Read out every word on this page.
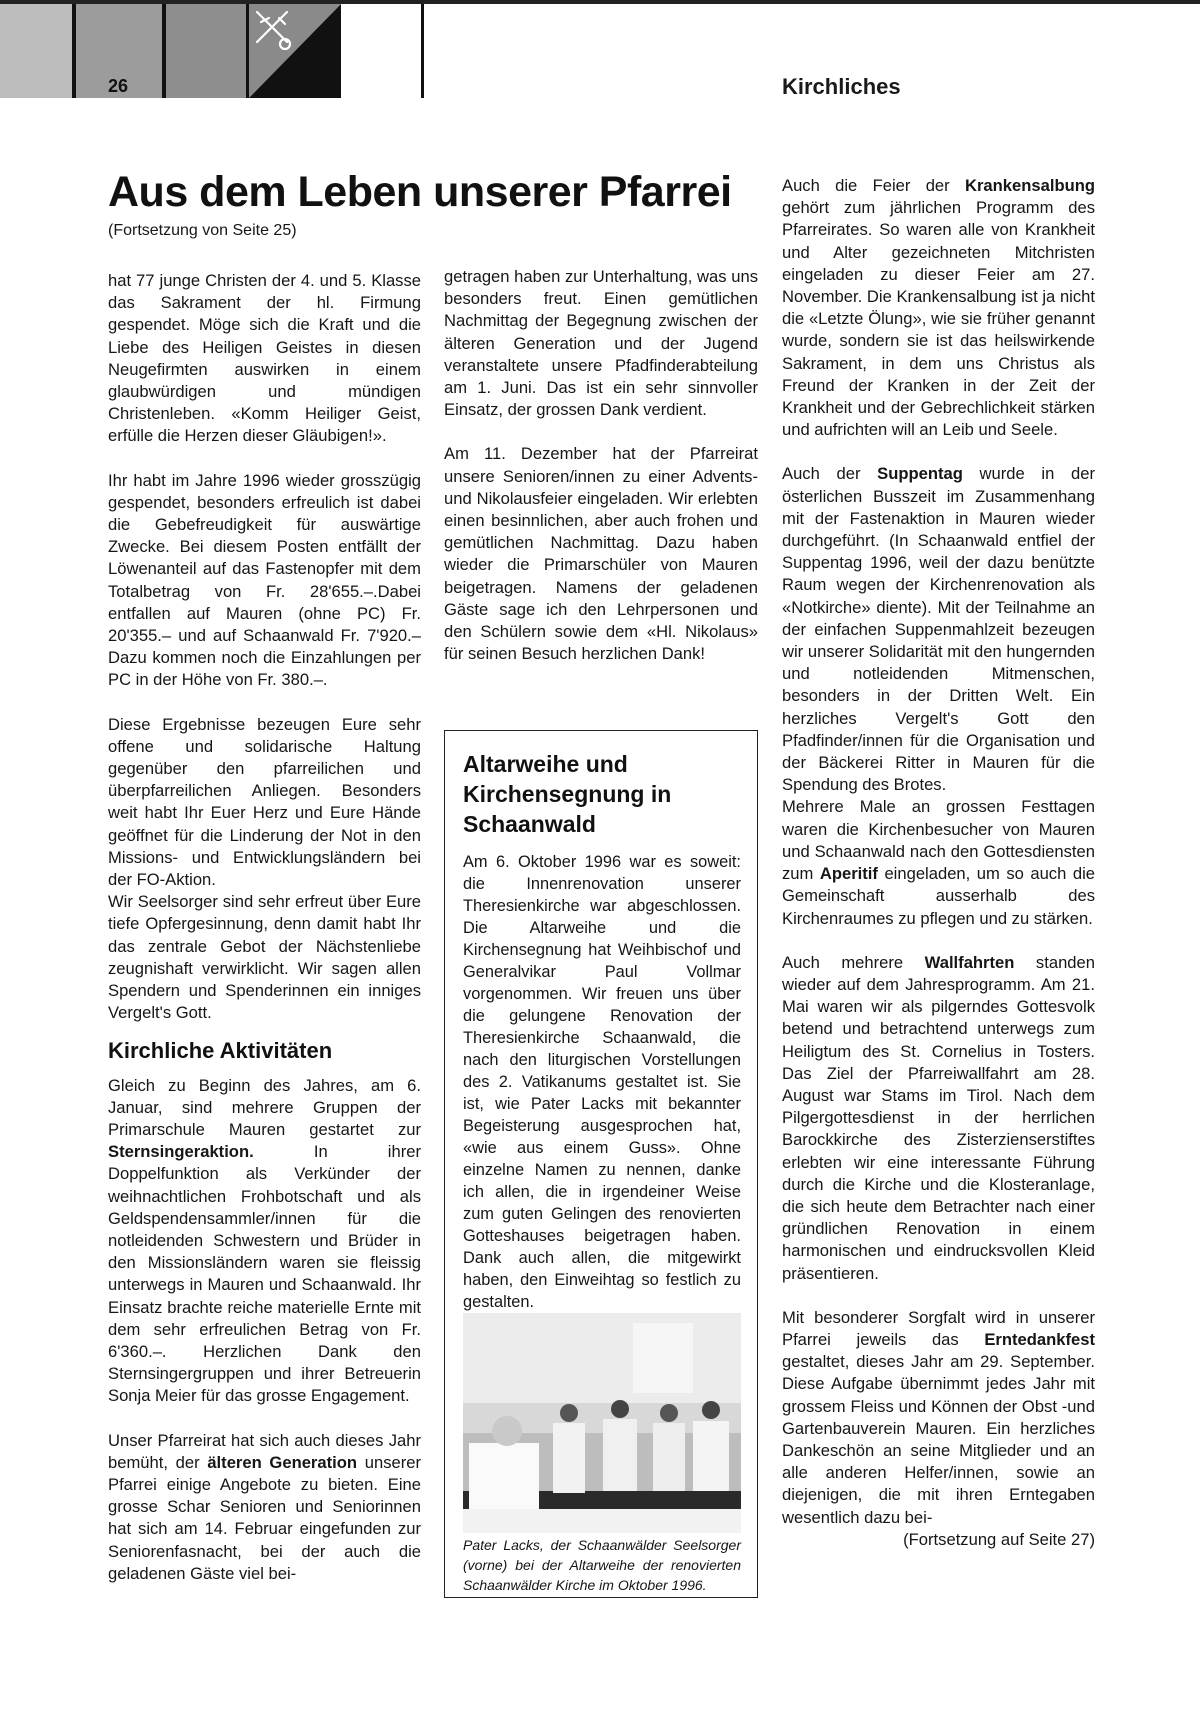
26	Kirchliches
Aus dem Leben unserer Pfarrei
(Fortsetzung von Seite 25)

hat 77 junge Christen der 4. und 5. Klasse das Sakrament der hl. Firmung gespendet. Möge sich die Kraft und die Liebe des Heiligen Geistes in diesen Neugefirmten auswirken in einem glaubwürdigen und mündigen Christenleben. «Komm Heiliger Geist, erfülle die Herzen dieser Gläubigen!».

Ihr habt im Jahre 1996 wieder grosszügig gespendet, besonders erfreulich ist dabei die Gebefreudigkeit für auswärtige Zwecke. Bei diesem Posten entfällt der Löwenanteil auf das Fastenopfer mit dem Totalbetrag von Fr. 28'655.–.Dabei entfallen auf Mauren (ohne PC) Fr. 20'355.– und auf Schaanwald Fr. 7'920.– Dazu kommen noch die Einzahlungen per PC in der Höhe von Fr. 380.–.

Diese Ergebnisse bezeugen Eure sehr offene und solidarische Haltung gegenüber den pfarreilichen und überpfarreilichen Anliegen. Besonders weit habt Ihr Euer Herz und Eure Hände geöffnet für die Linderung der Not in den Missions- und Entwicklungsländern bei der FO-Aktion.

Wir Seelsorger sind sehr erfreut über Eure tiefe Opfergesinnung, denn damit habt Ihr das zentrale Gebot der Nächstenliebe zeugnishaft verwirklicht. Wir sagen allen Spendern und Spenderinnen ein inniges Vergelt's Gott.

Kirchliche Aktivitäten

Gleich zu Beginn des Jahres, am 6. Januar, sind mehrere Gruppen der Primarschule Mauren gestartet zur Sternsingeraktion. In ihrer Doppelfunktion als Verkünder der weihnachtlichen Frohbotschaft und als Geldspendensammler/innen für die notleidenden Schwestern und Brüder in den Missionsländern waren sie fleissig unterwegs in Mauren und Schaanwald. Ihr Einsatz brachte reiche materielle Ernte mit dem sehr erfreulichen Betrag von Fr. 6'360.–. Herzlichen Dank den Sternsingergruppen und ihrer Betreuerin Sonja Meier für das grosse Engagement.

Unser Pfarreirat hat sich auch dieses Jahr bemüht, der älteren Generation unserer Pfarrei einige Angebote zu bieten. Eine grosse Schar Senioren und Seniorinnen hat sich am 14. Februar eingefunden zur Seniorenfasnacht, bei der auch die geladenen Gäste viel bei-

getragen haben zur Unterhaltung, was uns besonders freut. Einen gemütlichen Nachmittag der Begegnung zwischen der älteren Generation und der Jugend veranstaltete unsere Pfadfinderabteilung am 1. Juni. Das ist ein sehr sinnvoller Einsatz, der grossen Dank verdient.

Am 11. Dezember hat der Pfarreirat unsere Senioren/innen zu einer Advents- und Nikolausfeier eingeladen. Wir erlebten einen besinnlichen, aber auch frohen und gemütlichen Nachmittag. Dazu haben wieder die Primarschüler von Mauren beigetragen. Namens der geladenen Gäste sage ich den Lehrpersonen und den Schülern sowie dem «Hl. Nikolaus» für seinen Besuch herzlichen Dank!

Altarweihe und Kirchensegnung in Schaanwald

Am 6. Oktober 1996 war es soweit: die Innenrenovation unserer Theresienkirche war abgeschlossen. Die Altarweihe und die Kirchensegnung hat Weihbischof und Generalvikar Paul Vollmar vorgenommen. Wir freuen uns über die gelungene Renovation der Theresienkirche Schaanwald, die nach den liturgischen Vorstellungen des 2. Vatikanums gestaltet ist. Sie ist, wie Pater Lacks mit bekannter Begeisterung ausgesprochen hat, «wie aus einem Guss». Ohne einzelne Namen zu nennen, danke ich allen, die in irgendeiner Weise zum guten Gelingen des renovierten Gotteshauses beigetragen haben. Dank auch allen, die mitgewirkt haben, den Einweihtag so festlich zu gestalten.

Pater Lacks, der Schaanwälder Seelsorger (vorne) bei der Altarweihe der renovierten Schaanwälder Kirche im Oktober 1996.

Auch die Feier der Krankensalbung gehört zum jährlichen Programm des Pfarreirates. So waren alle von Krankheit und Alter gezeichneten Mitchristen eingeladen zu dieser Feier am 27. November. Die Krankensalbung ist ja nicht die «Letzte Ölung», wie sie früher genannt wurde, sondern sie ist das heilswirkende Sakrament, in dem uns Christus als Freund der Kranken in der Zeit der Krankheit und der Gebrechlichkeit stärken und aufrichten will an Leib und Seele.

Auch der Suppentag wurde in der österlichen Busszeit im Zusammenhang mit der Fastenaktion in Mauren wieder durchgeführt. (In Schaanwald entfiel der Suppentag 1996, weil der dazu benützte Raum wegen der Kirchenrenovation als «Notkirche» diente). Mit der Teilnahme an der einfachen Suppenmahlzeit bezeugen wir unserer Solidarität mit den hungernden und notleidenden Mitmenschen, besonders in der Dritten Welt. Ein herzliches Vergelt's Gott den Pfadfinder/innen für die Organisation und der Bäckerei Ritter in Mauren für die Spendung des Brotes.

Mehrere Male an grossen Festtagen waren die Kirchenbesucher von Mauren und Schaanwald nach den Gottesdiensten zum Aperitif eingeladen, um so auch die Gemeinschaft ausserhalb des Kirchenraumes zu pflegen und zu stärken.

Auch mehrere Wallfahrten standen wieder auf dem Jahresprogramm. Am 21. Mai waren wir als pilgerndes Gottesvolk betend und betrachtend unterwegs zum Heiligtum des St. Cornelius in Tosters. Das Ziel der Pfarreiwallfahrt am 28. August war Stams im Tirol. Nach dem Pilgergottesdienst in der herrlichen Barockkirche des Zisterzienserstiftes erlebten wir eine interessante Führung durch die Kirche und die Klosteranlage, die sich heute dem Betrachter nach einer gründlichen Renovation in einem harmonischen und eindrucksvollen Kleid präsentieren.

Mit besonderer Sorgfalt wird in unserer Pfarrei jeweils das Erntedankfest gestaltet, dieses Jahr am 29. September. Diese Aufgabe übernimmt jedes Jahr mit grossem Fleiss und Können der Obst -und Gartenbauverein Mauren. Ein herzliches Dankeschön an seine Mitglieder und an alle anderen Helfer/innen, sowie an diejenigen, die mit ihren Erntegaben wesentlich dazu bei-

(Fortsetzung auf Seite 27)
